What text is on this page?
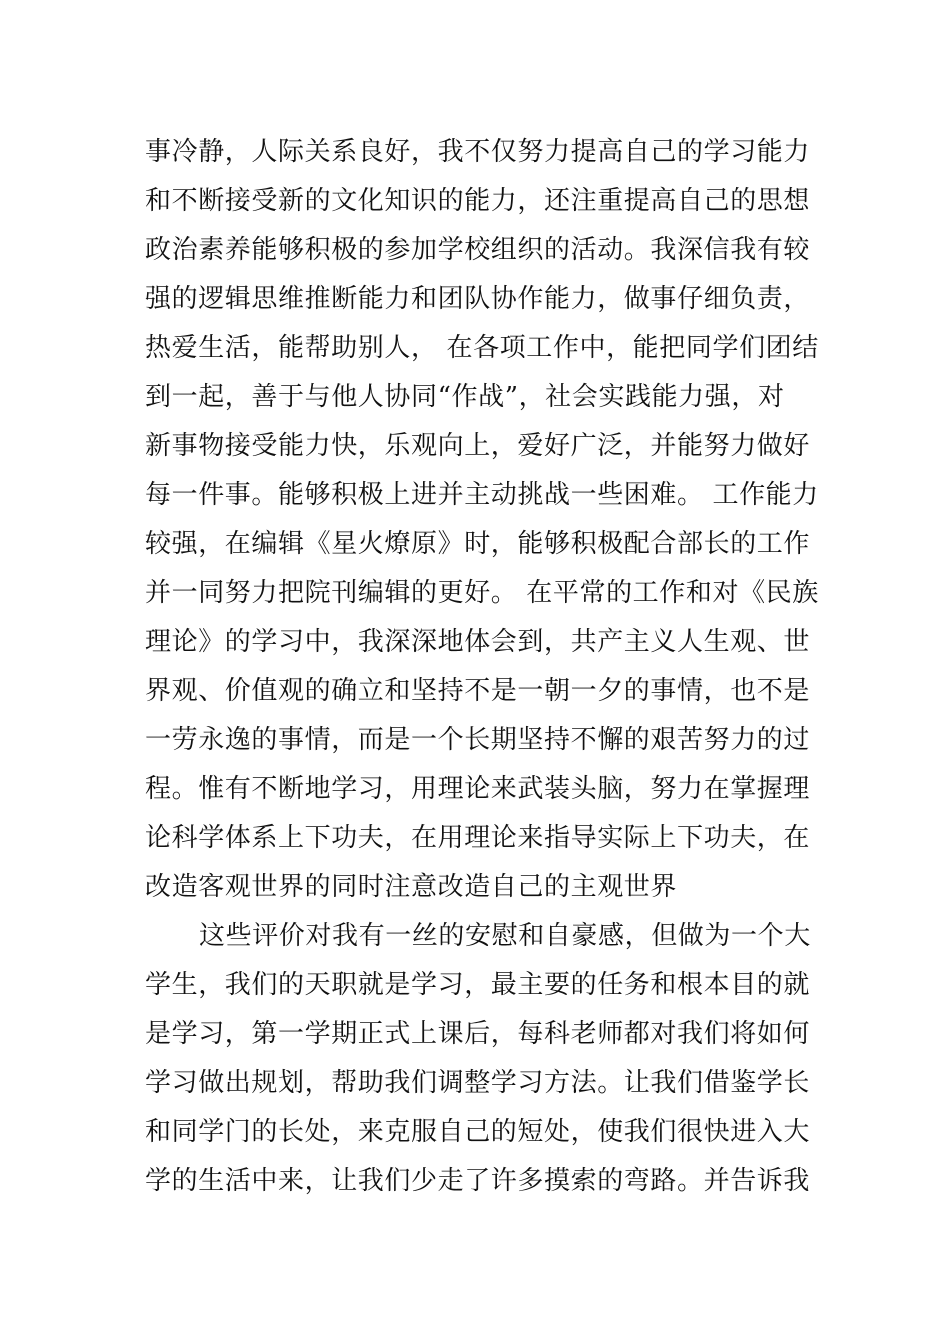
事冷静，人际关系良好，我不仅努力提高自己的学习能力
和不断接受新的文化知识的能力，还注重提高自己的思想
政治素养能够积极的参加学校组织的活动。我深信我有较
强的逻辑思维推断能力和团队协作能力，做事仔细负责，
热爱生活，能帮助别人， 在各项工作中，能把同学们团结
到一起，善于与他人协同“作战”，社会实践能力强，对
新事物接受能力快，乐观向上，爱好广泛，并能努力做好
每一件事。能够积极上进并主动挑战一些困难。 工作能力
较强，在编辑《星火燎原》时，能够积极配合部长的工作
并一同努力把院刊编辑的更好。 在平常的工作和对《民族
理论》的学习中，我深深地体会到，共产主义人生观、世
界观、价值观的确立和坚持不是一朝一夕的事情，也不是
一劳永逸的事情，而是一个长期坚持不懈的艰苦努力的过
程。惟有不断地学习，用理论来武装头脑，努力在掌握理
论科学体系上下功夫，在用理论来指导实际上下功夫，在
改造客观世界的同时注意改造自己的主观世界
这些评价对我有一丝的安慰和自豪感，但做为一个大
学生，我们的天职就是学习，最主要的任务和根本目的就
是学习，第一学期正式上课后，每科老师都对我们将如何
学习做出规划，帮助我们调整学习方法。让我们借鉴学长
和同学门的长处，来克服自己的短处，使我们很快进入大
学的生活中来，让我们少走了许多摸索的弯路。并告诉我
